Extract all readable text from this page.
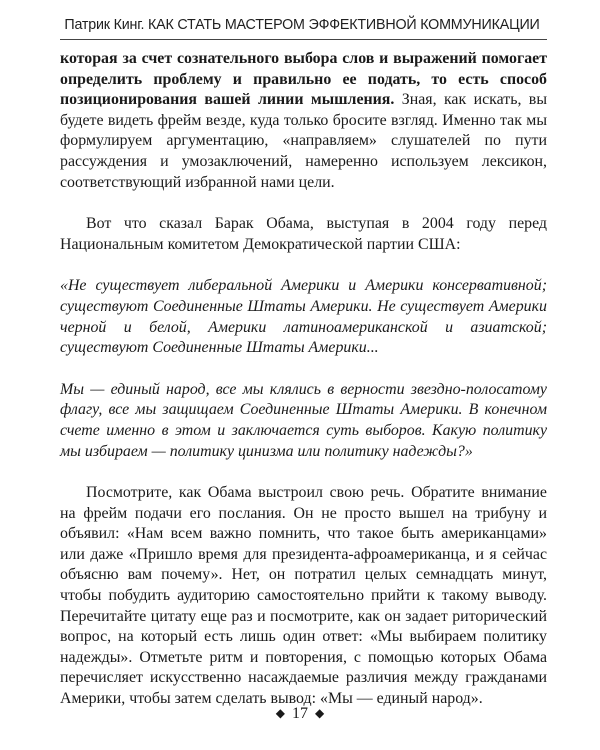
Патрик Кинг. КАК СТАТЬ МАСТЕРОМ ЭФФЕКТИВНОЙ КОММУНИКАЦИИ

которая за счет сознательного выбора слов и выражений помогает определить проблему и правильно ее подать, то есть способ позиционирования вашей линии мышления. Зная, как искать, вы будете видеть фрейм везде, куда только бросите взгляд. Именно так мы формулируем аргументацию, «направляем» слушателей по пути рассуждения и умозаключений, намеренно используем лексикон, соответствующий избранной нами цели.

Вот что сказал Барак Обама, выступая в 2004 году перед Национальным комитетом Демократической партии США:

«Не существует либеральной Америки и Америки консервативной; существуют Соединенные Штаты Америки. Не существует Америки черной и белой, Америки латиноамериканской и азиатской; существуют Соединенные Штаты Америки...

Мы — единый народ, все мы клялись в верности звездно-полосатому флагу, все мы защищаем Соединенные Штаты Америки. В конечном счете именно в этом и заключается суть выборов. Какую политику мы избираем — политику цинизма или политику надежды?»

Посмотрите, как Обама выстроил свою речь. Обратите внимание на фрейм подачи его послания. Он не просто вышел на трибуну и объявил: «Нам всем важно помнить, что такое быть американцами» или даже «Пришло время для президента-афроамериканца, и я сейчас объясню вам почему». Нет, он потратил целых семнадцать минут, чтобы побудить аудиторию самостоятельно прийти к такому выводу. Перечитайте цитату еще раз и посмотрите, как он задает риторический вопрос, на который есть лишь один ответ: «Мы выбираем политику надежды». Отметьте ритм и повторения, с помощью которых Обама перечисляет искусственно насаждаемые различия между гражданами Америки, чтобы затем сделать вывод: «Мы — единый народ».

◆ 17 ◆
